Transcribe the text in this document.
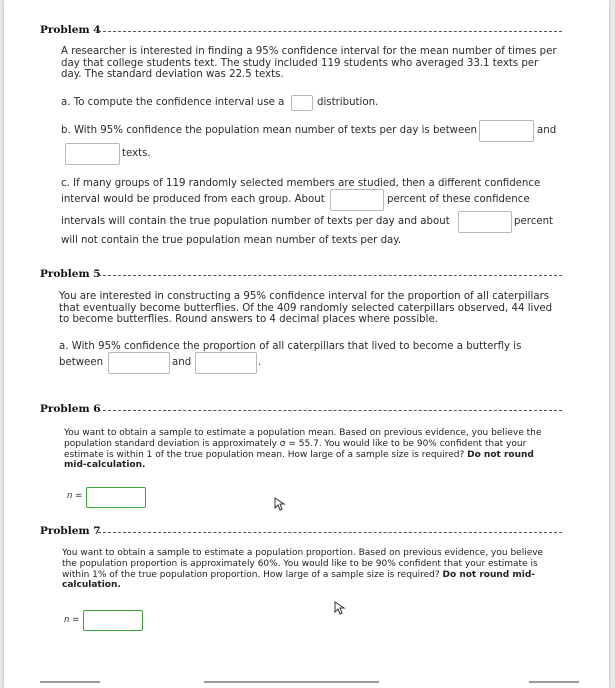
Problem 4
A researcher is interested in finding a 95% confidence interval for the mean number of times per day that college students text. The study included 119 students who averaged 33.1 texts per day. The standard deviation was 22.5 texts.
a. To compute the confidence interval use a	distribution.
b. With 95% confidence the population mean number of texts per day is between	and
texts.
c. If many groups of 119 randomly selected members are studied, then a different confidence
interval would be produced from each group. About	percent of these confidence
intervals will contain the true population number of texts per day and about	percent
will not contain the true population mean number of texts per day.
Problem 5
You are interested in constructing a 95% confidence interval for the proportion of all caterpillars that eventually become butterflies. Of the 409 randomly selected caterpillars observed, 44 lived to become butterflies. Round answers to 4 decimal places where possible.
a. With 95% confidence the proportion of all caterpillars that lived to become a butterfly is
between	and	.
Problem 6
You want to obtain a sample to estimate a population mean. Based on previous evidence, you believe the population standard deviation is approximately σ = 55.7. You would like to be 90% confident that your estimate is within 1 of the true population mean. How large of a sample size is required? Do not round mid-calculation.
n =
Problem 7
You want to obtain a sample to estimate a population proportion. Based on previous evidence, you believe the population proportion is approximately 60%. You would like to be 90% confident that your estimate is within 1% of the true population proportion. How large of a sample size is required? Do not round mid-calculation.
n =
